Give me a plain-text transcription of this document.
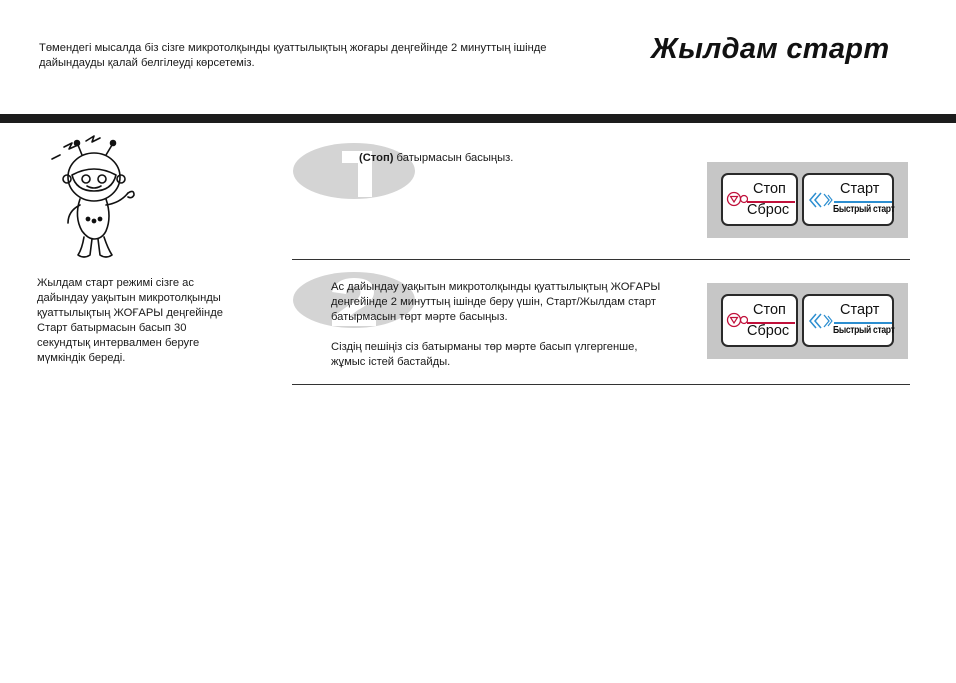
Төмендегі мысалда біз сізге микротолқынды қуаттылықтың жоғары деңгейінде 2 минуттың ішінде дайындауды қалай белгілеуді көрсетеміз.	Жылдам старт
Жылдам старт режимі сізге ас дайындау уақытын микротолқынды қуаттылықтың ЖОҒАРЫ деңгейінде Старт батырмасын басып 30 секундтық интервалмен беруге мүмкіндік береді.
(Стоп) батырмасын басыңыз.
Стоп
Сброс
Старт
Быстрый старт

Ас дайындау уақытын микротолқынды қуаттылықтың ЖОҒАРЫ деңгейінде 2 минуттың ішінде беру үшін, Старт/Жылдам старт батырмасын төрт мәрте басыңыз.

Сіздің пешіңіз сіз батырманы төр мәрте басып үлгергенше, жұмыс істей бастайды.

Стоп
Сброс
Старт
Быстрый старт
